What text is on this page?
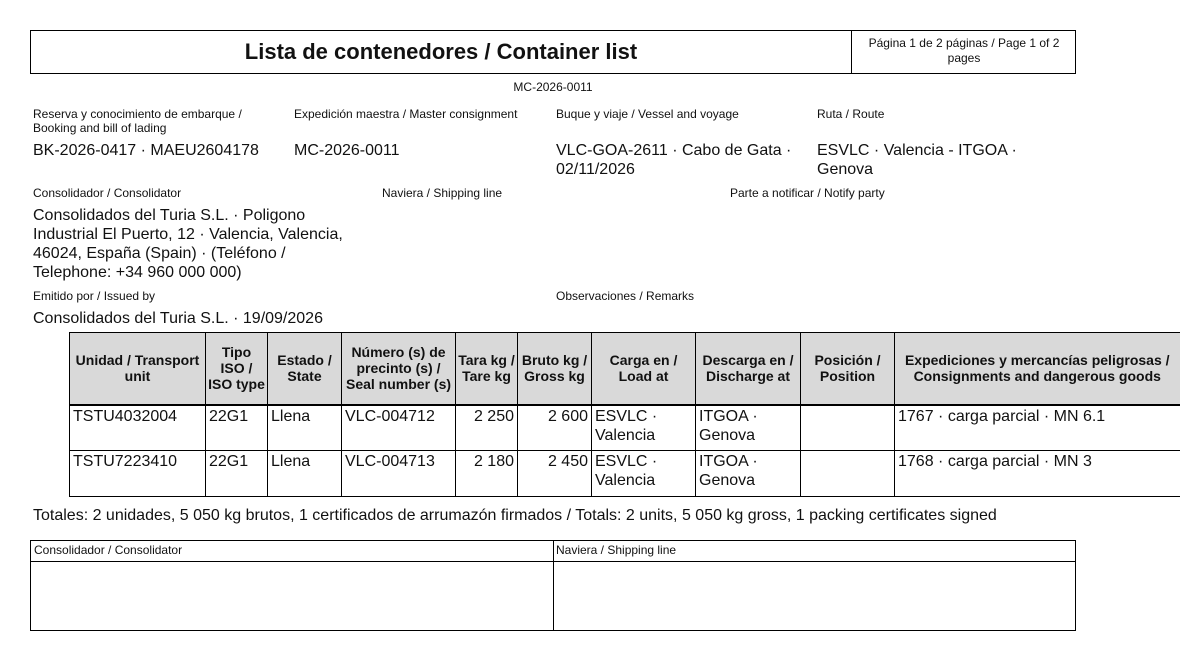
Lista de contenedores / Container list	Página 1 de 2 páginas / Page 1 of 2 pages
MC-2026-0011
Reserva y conocimiento de embarque / Booking and bill of lading
BK-2026-0417 · MAEU2604178
Expedición maestra / Master consignment
MC-2026-0011
Buque y viaje / Vessel and voyage
VLC-GOA-2611 · Cabo de Gata · 02/11/2026
Ruta / Route
ESVLC · Valencia - ITGOA · Genova
Consolidador / Consolidator
Consolidados del Turia S.L. · Poligono Industrial El Puerto, 12 · Valencia, Valencia, 46024, España (Spain) · (Teléfono / Telephone: +34 960 000 000)
Naviera / Shipping line	Parte a notificar / Notify party
Emitido por / Issued by
Consolidados del Turia S.L. · 19/09/2026
Observaciones / Remarks
Unidad / Transport unit	Tipo ISO / ISO type	Estado / State	Número (s) de precinto (s) / Seal number (s)	Tara kg / Tare kg	Bruto kg / Gross kg	Carga en / Load at	Descarga en / Discharge at	Posición / Position	Expediciones y mercancías peligrosas / Consignments and dangerous goods
TSTU4032004	22G1	Llena	VLC-004712	2 250	2 600	ESVLC · Valencia	ITGOA · Genova		1767 · carga parcial · MN 6.1

TSTU7223410	22G1	Llena	VLC-004713	2 180	2 450	ESVLC · Valencia	ITGOA · Genova		1768 · carga parcial · MN 3
Totales: 2 unidades, 5 050 kg brutos, 1 certificados de arrumazón firmados / Totals: 2 units, 5 050 kg gross, 1 packing certificates signed
Consolidador / Consolidator	Naviera / Shipping line
